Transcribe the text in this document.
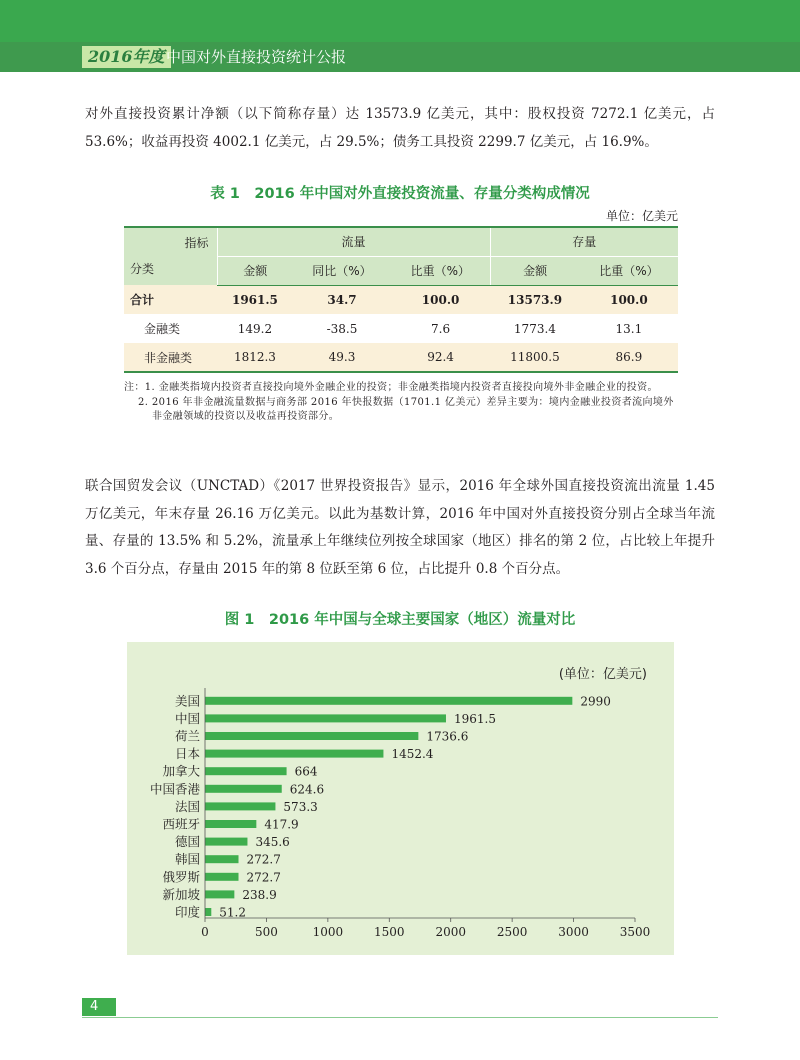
2016年度 中国对外直接投资统计公报

对外直接投资累计净额（以下简称存量）达 13573.9 亿美元，其中：股权投资 7272.1 亿美元，占 53.6%；收益再投资 4002.1 亿美元，占 29.5%；债务工具投资 2299.7 亿美元，占 16.9%。

表 1　2016 年中国对外直接投资流量、存量分类构成情况
单位：亿美元
指标
分类	流量			存量	
	金额	同比（%）	比重（%）	金额	比重（%）
合计	1961.5	34.7	100.0	13573.9	100.0
金融类	149.2	-38.5	7.6	1773.4	13.1
非金融类	1812.3	49.3	92.4	11800.5	86.9
注：1. 金融类指境内投资者直接投向境外金融企业的投资；非金融类指境内投资者直接投向境外非金融企业的投资。
2. 2016 年非金融流量数据与商务部 2016 年快报数据（1701.1 亿美元）差异主要为：境内金融业投资者流向境外非金融领域的投资以及收益再投资部分。

联合国贸发会议（UNCTAD）《2017 世界投资报告》显示，2016 年全球外国直接投资流出流量 1.45 万亿美元，年末存量 26.16 万亿美元。以此为基数计算，2016 年中国对外直接投资分别占全球当年流量、存量的 13.5% 和 5.2%，流量承上年继续位列按全球国家（地区）排名的第 2 位，占比较上年提升 3.6 个百分点，存量由 2015 年的第 8 位跃至第 6 位，占比提升 0.8 个百分点。

图 1　2016 年中国与全球主要国家（地区）流量对比
(单位：亿美元)
美国	2990
中国	1961.5
荷兰	1736.6
日本	1452.4
加拿大	664
中国香港	624.6
法国	573.3
西班牙	417.9
德国	345.6
韩国	272.7
俄罗斯	272.7
新加坡	238.9
印度 51.2
0	500	1000	1500	2000	2500	3000	3500
4
